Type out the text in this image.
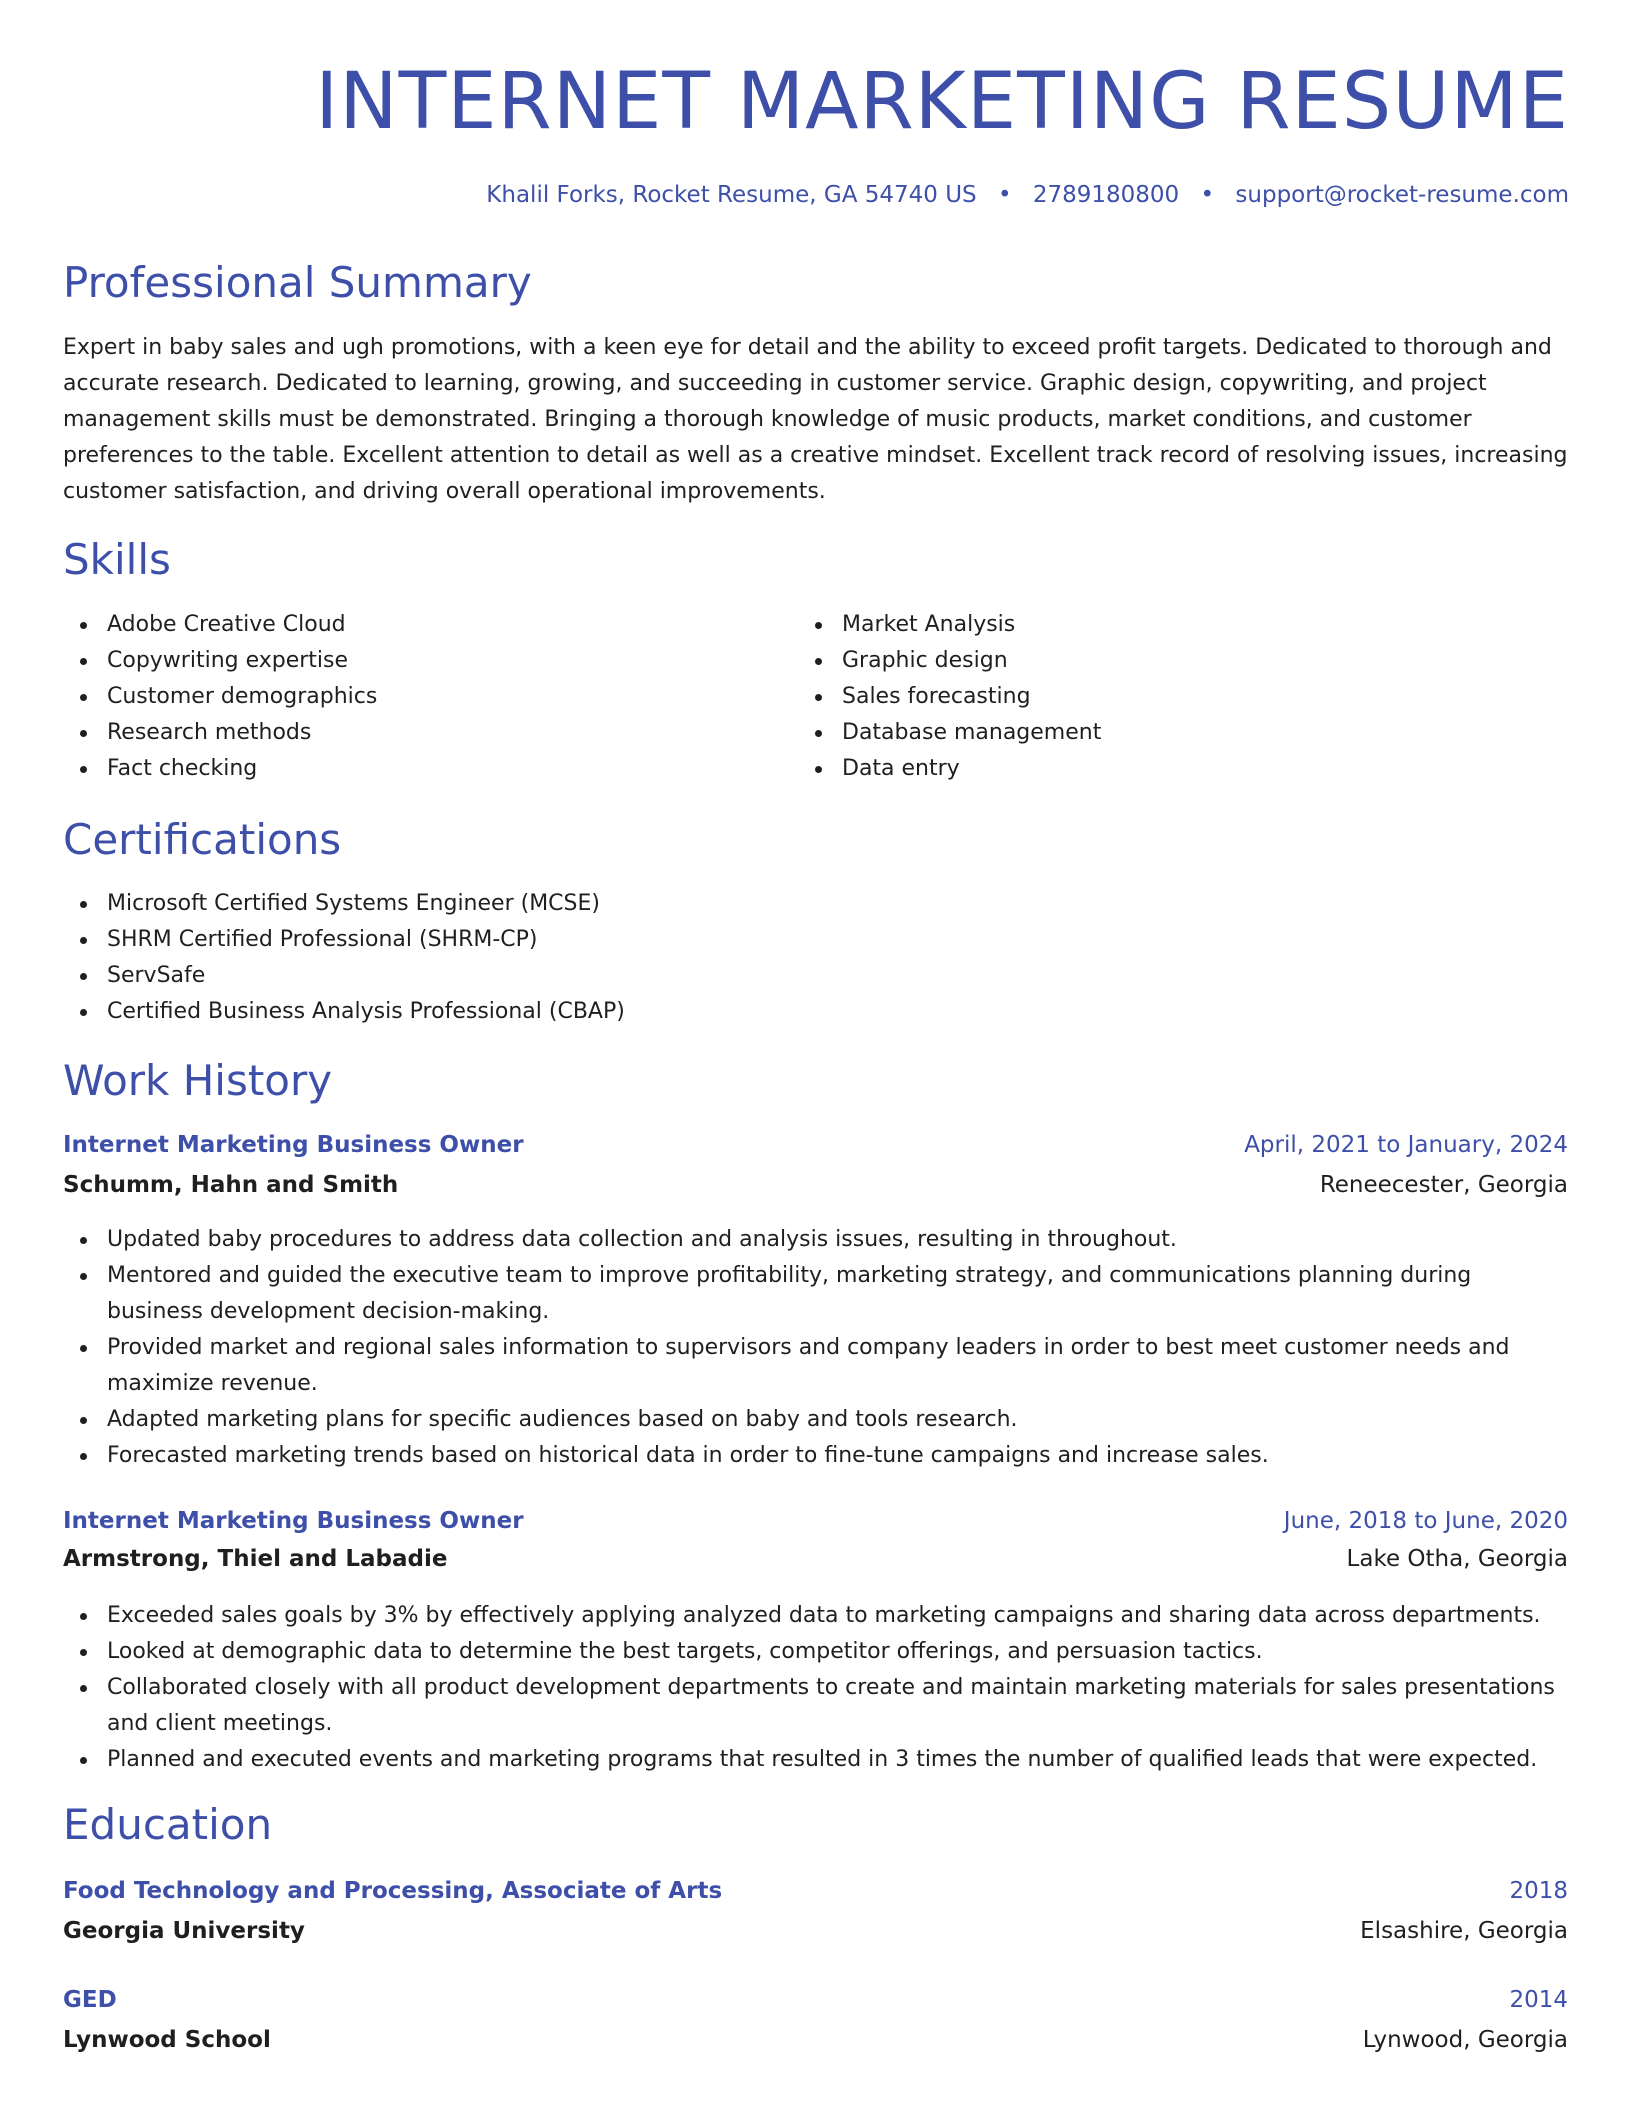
INTERNET MARKETING RESUME
Khalil Forks, Rocket Resume, GA 54740 US • 2789180800 • support@rocket-resume.com
Professional Summary

Expert in baby sales and ugh promotions, with a keen eye for detail and the ability to exceed profit targets. Dedicated to thorough and accurate research. Dedicated to learning, growing, and succeeding in customer service. Graphic design, copywriting, and project management skills must be demonstrated. Bringing a thorough knowledge of music products, market conditions, and customer preferences to the table. Excellent attention to detail as well as a creative mindset. Excellent track record of resolving issues, increasing customer satisfaction, and driving overall operational improvements.

Skills
Adobe Creative Cloud
Copywriting expertise
Customer demographics
Research methods
Fact checking
Market Analysis
Graphic design
Sales forecasting
Database management
Data entry
Certifications
Microsoft Certified Systems Engineer (MCSE)
SHRM Certified Professional (SHRM-CP)
ServSafe
Certified Business Analysis Professional (CBAP)
Work History
Internet Marketing Business Owner	April, 2021 to January, 2024
Schumm, Hahn and Smith	Reneecester, Georgia
Updated baby procedures to address data collection and analysis issues, resulting in throughout.
Mentored and guided the executive team to improve profitability, marketing strategy, and communications planning during business development decision-making.
Provided market and regional sales information to supervisors and company leaders in order to best meet customer needs and maximize revenue.
Adapted marketing plans for specific audiences based on baby and tools research.
Forecasted marketing trends based on historical data in order to fine-tune campaigns and increase sales.
Internet Marketing Business Owner	June, 2018 to June, 2020
Armstrong, Thiel and Labadie	Lake Otha, Georgia
Exceeded sales goals by 3% by effectively applying analyzed data to marketing campaigns and sharing data across departments.
Looked at demographic data to determine the best targets, competitor offerings, and persuasion tactics.
Collaborated closely with all product development departments to create and maintain marketing materials for sales presentations and client meetings.
Planned and executed events and marketing programs that resulted in 3 times the number of qualified leads that were expected.
Education
Food Technology and Processing, Associate of Arts	2018
Georgia University	Elsashire, Georgia
GED	2014
Lynwood School	Lynwood, Georgia
